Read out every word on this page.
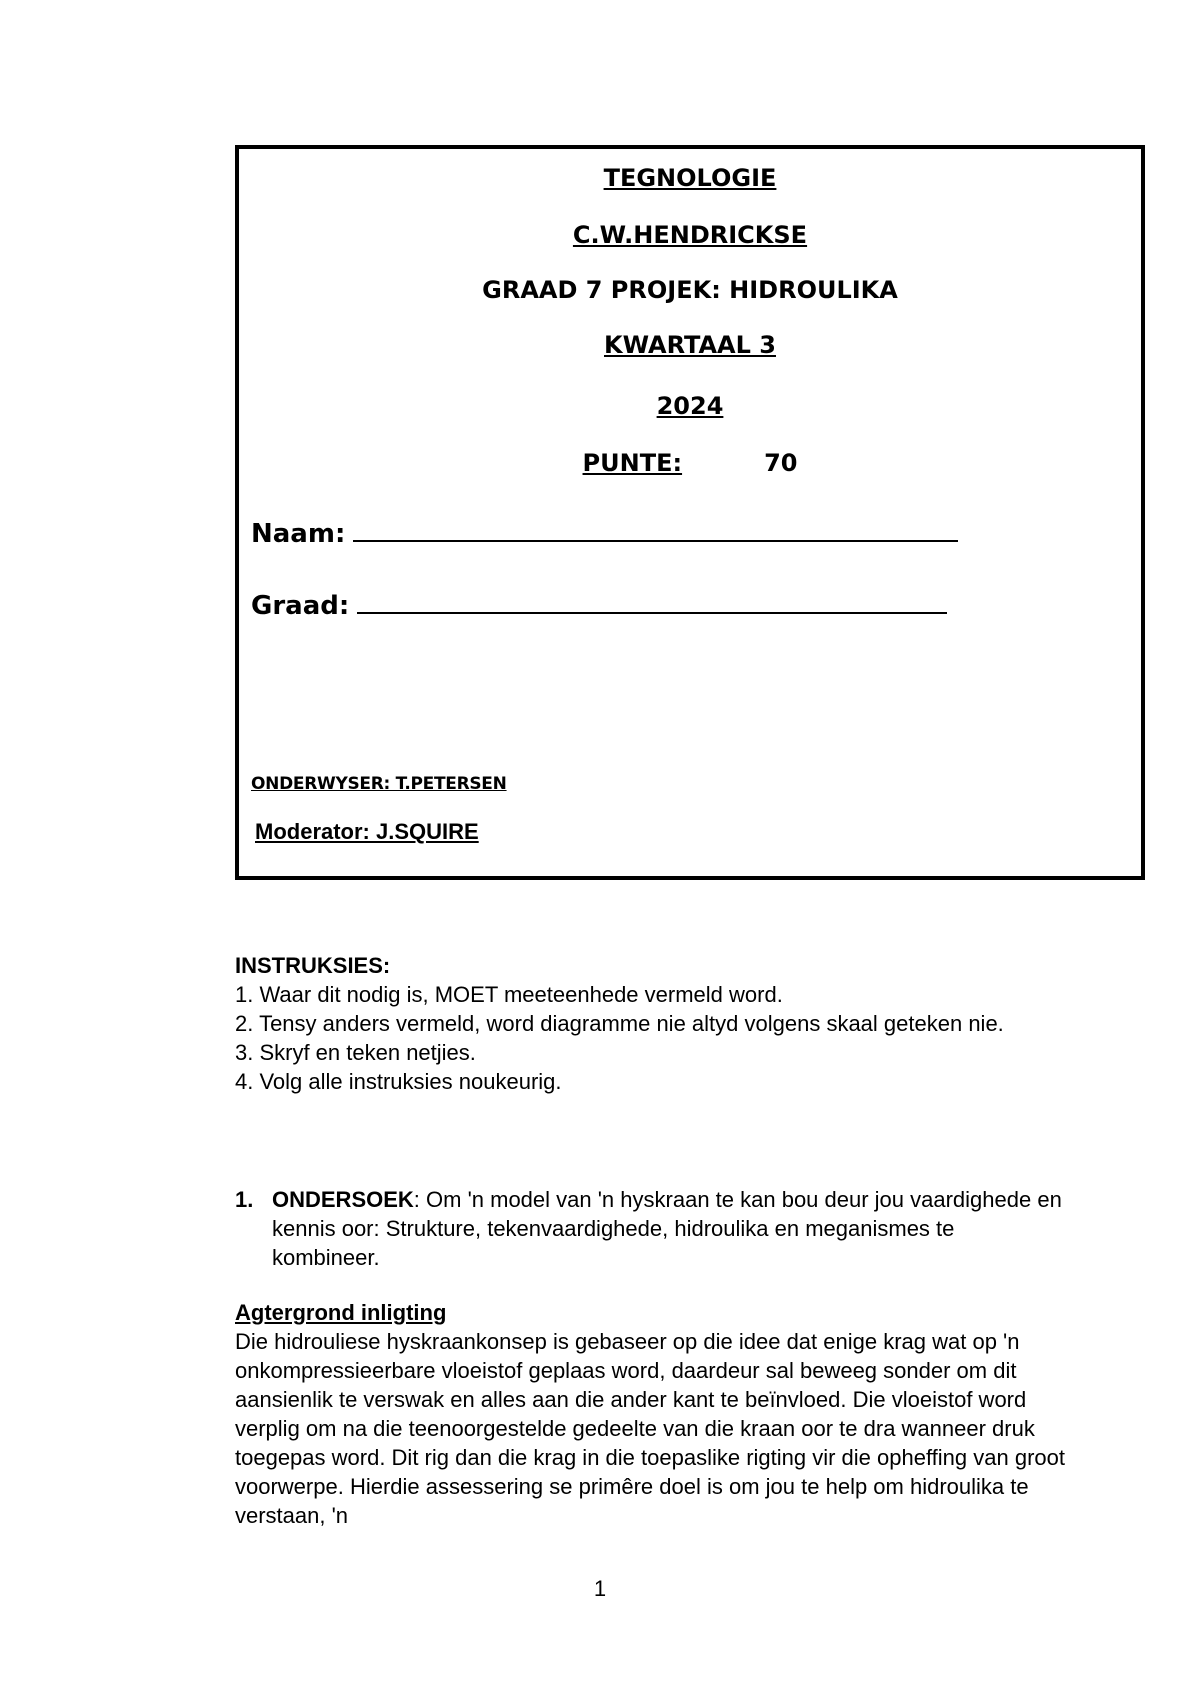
TEGNOLOGIE
C.W.HENDRICKSE
GRAAD 7 PROJEK: HIDROULIKA
KWARTAAL 3
2024
PUNTE:	70
Naam:
Graad:
ONDERWYSER: T.PETERSEN
Moderator: J.SQUIRE
INSTRUKSIES:
1. Waar dit nodig is, MOET meeteenhede vermeld word.
2. Tensy anders vermeld, word diagramme nie altyd volgens skaal geteken nie.
3. Skryf en teken netjies.
4. Volg alle instruksies noukeurig.
1. ONDERSOEK: Om 'n model van 'n hyskraan te kan bou deur jou vaardighede en kennis oor: Strukture, tekenvaardighede, hidroulika en meganismes te kombineer.
Agtergrond inligting
Die hidrouliese hyskraankonsep is gebaseer op die idee dat enige krag wat op 'n onkompressieerbare vloeistof geplaas word, daardeur sal beweeg sonder om dit aansienlik te verswak en alles aan die ander kant te beïnvloed. Die vloeistof word verplig om na die teenoorgestelde gedeelte van die kraan oor te dra wanneer druk toegepas word. Dit rig dan die krag in die toepaslike rigting vir die opheffing van groot voorwerpe. Hierdie assessering se primêre doel is om jou te help om hidroulika te verstaan, 'n
1
